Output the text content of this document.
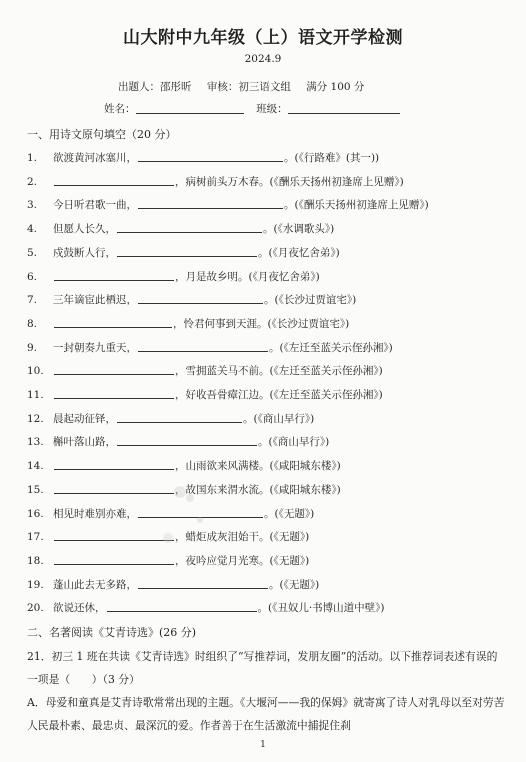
山大附中九年级（上）语文开学检测
2024.9
出题人：邵彤昕 审核：初三语文组 满分 100 分
姓名：	班级：
一、用诗文原句填空（20 分）
1. 欲渡黄河冰塞川，	。(《行路难》(其一))
2.	，病树前头万木春。(《酬乐天扬州初逢席上见赠》)
3. 今日听君歌一曲，	。(《酬乐天扬州初逢席上见赠》)
4. 但愿人长久，	。(《水调歌头》)
5. 戍鼓断人行，	。(《月夜忆舍弟》)
6.	，月是故乡明。(《月夜忆舍弟》)
7. 三年谪宦此栖迟，	。(《长沙过贾谊宅》)
8.	，怜君何事到天涯。(《长沙过贾谊宅》)
9. 一封朝奏九重天，	。(《左迁至蓝关示侄孙湘》)
10.	，雪拥蓝关马不前。(《左迁至蓝关示侄孙湘》)
11.	，好收吾骨瘴江边。(《左迁至蓝关示侄孙湘》)
12. 晨起动征铎，	。(《商山早行》)
13. 槲叶落山路，	。(《商山早行》)
14.	，山雨欲来风满楼。(《咸阳城东楼》)
15.	，故国东来渭水流。(《咸阳城东楼》)
16. 相见时难别亦难，	。(《无题》)
17.	，蜡炬成灰泪始干。(《无题》)
18.	，夜吟应觉月光寒。(《无题》)
19. 蓬山此去无多路，	。(《无题》)
20. 欲说还休，	。(《丑奴儿·书博山道中壁》)
二、名著阅读《艾青诗选》(26 分)
21．初三 1 班在共读《艾青诗选》时组织了“写推荐词，发朋友圈”的活动。以下推荐词表述有误的一项是（　　）（3 分）
A．母爱和童真是艾青诗歌常常出现的主题。《大堰河——我的保姆》就寄寓了诗人对乳母以至对劳苦人民最朴素、最忠贞、最深沉的爱。作者善于在生活激流中捕捉住刹
1
